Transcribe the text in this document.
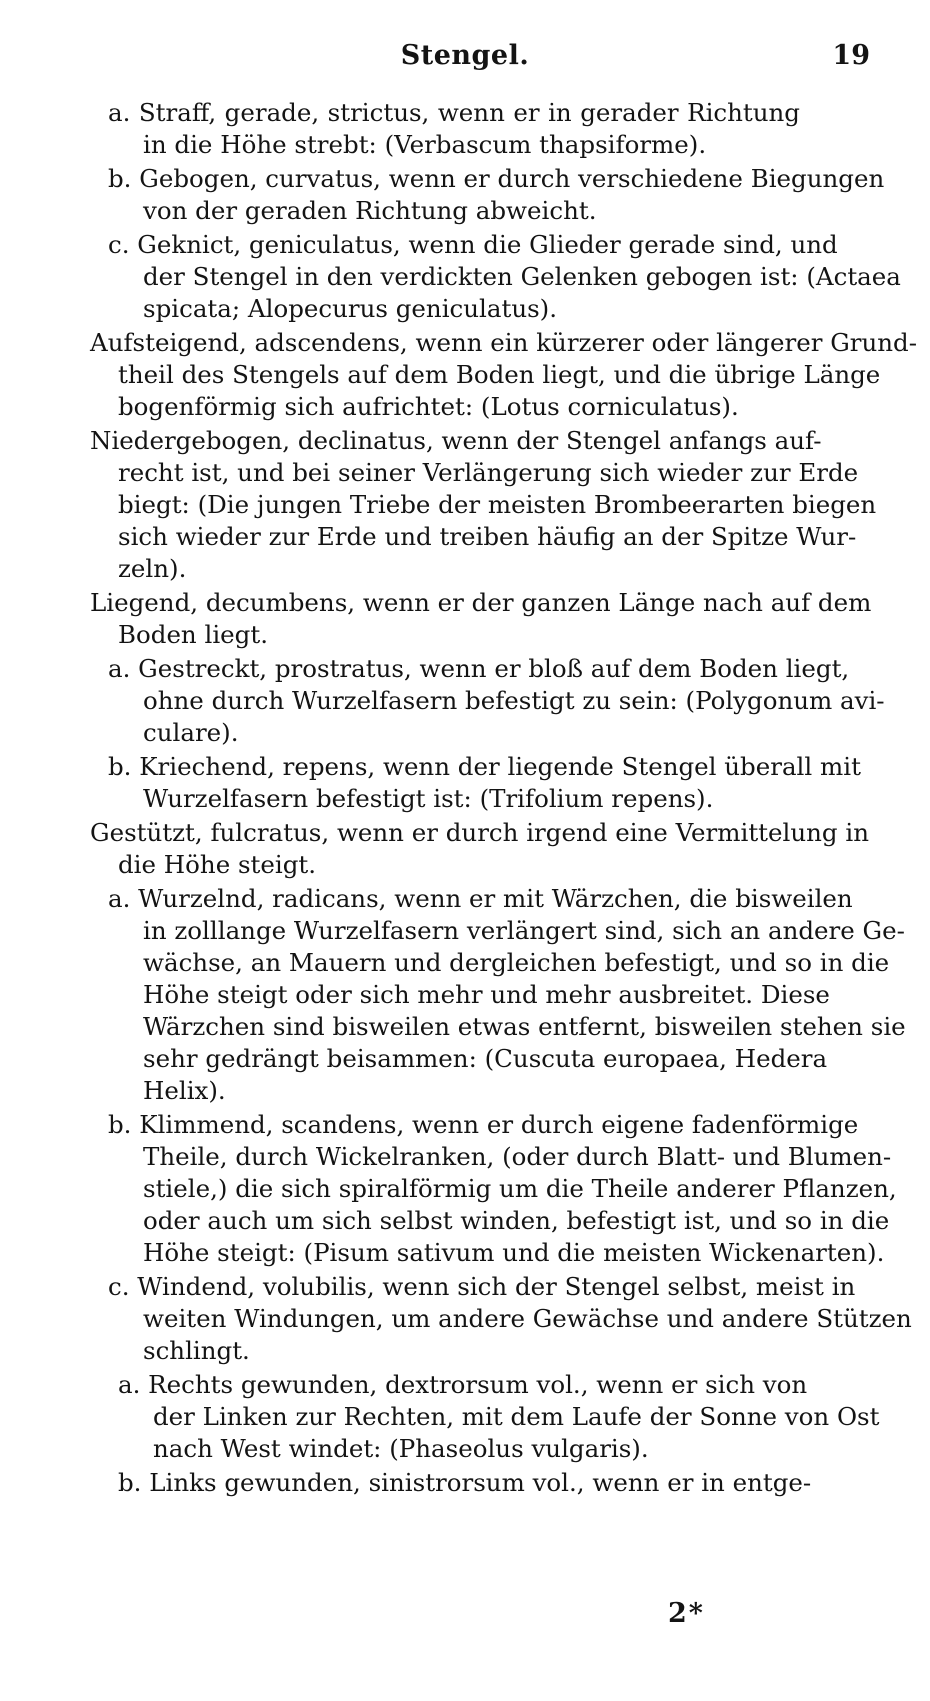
Stengel.	19
a. Straff, gerade, strictus, wenn er in gerader Richtung
in die Höhe strebt: (Verbascum thapsiforme).
b. Gebogen, curvatus, wenn er durch verschiedene Biegungen
von der geraden Richtung abweicht.
c. Geknict, geniculatus, wenn die Glieder gerade sind, und
der Stengel in den verdickten Gelenken gebogen ist: (Actaea
spicata; Alopecurus geniculatus).
Aufsteigend, adscendens, wenn ein kürzerer oder längerer Grund-
theil des Stengels auf dem Boden liegt, und die übrige Länge
bogenförmig sich aufrichtet: (Lotus corniculatus).
Niedergebogen, declinatus, wenn der Stengel anfangs auf-
recht ist, und bei seiner Verlängerung sich wieder zur Erde
biegt: (Die jungen Triebe der meisten Brombeerarten biegen
sich wieder zur Erde und treiben häufig an der Spitze Wur-
zeln).
Liegend, decumbens, wenn er der ganzen Länge nach auf dem
Boden liegt.
a. Gestreckt, prostratus, wenn er bloß auf dem Boden liegt,
ohne durch Wurzelfasern befestigt zu sein: (Polygonum avi-
culare).
b. Kriechend, repens, wenn der liegende Stengel überall mit
Wurzelfasern befestigt ist: (Trifolium repens).
Gestützt, fulcratus, wenn er durch irgend eine Vermittelung in
die Höhe steigt.
a. Wurzelnd, radicans, wenn er mit Wärzchen, die bisweilen
in zolllange Wurzelfasern verlängert sind, sich an andere Ge-
wächse, an Mauern und dergleichen befestigt, und so in die
Höhe steigt oder sich mehr und mehr ausbreitet. Diese
Wärzchen sind bisweilen etwas entfernt, bisweilen stehen sie
sehr gedrängt beisammen: (Cuscuta europaea, Hedera
Helix).
b. Klimmend, scandens, wenn er durch eigene fadenförmige
Theile, durch Wickelranken, (oder durch Blatt- und Blumen-
stiele,) die sich spiralförmig um die Theile anderer Pflanzen,
oder auch um sich selbst winden, befestigt ist, und so in die
Höhe steigt: (Pisum sativum und die meisten Wickenarten).
c. Windend, volubilis, wenn sich der Stengel selbst, meist in
weiten Windungen, um andere Gewächse und andere Stützen
schlingt.
a. Rechts gewunden, dextrorsum vol., wenn er sich von
der Linken zur Rechten, mit dem Laufe der Sonne von Ost
nach West windet: (Phaseolus vulgaris).
b. Links gewunden, sinistrorsum vol., wenn er in entge-
2*
